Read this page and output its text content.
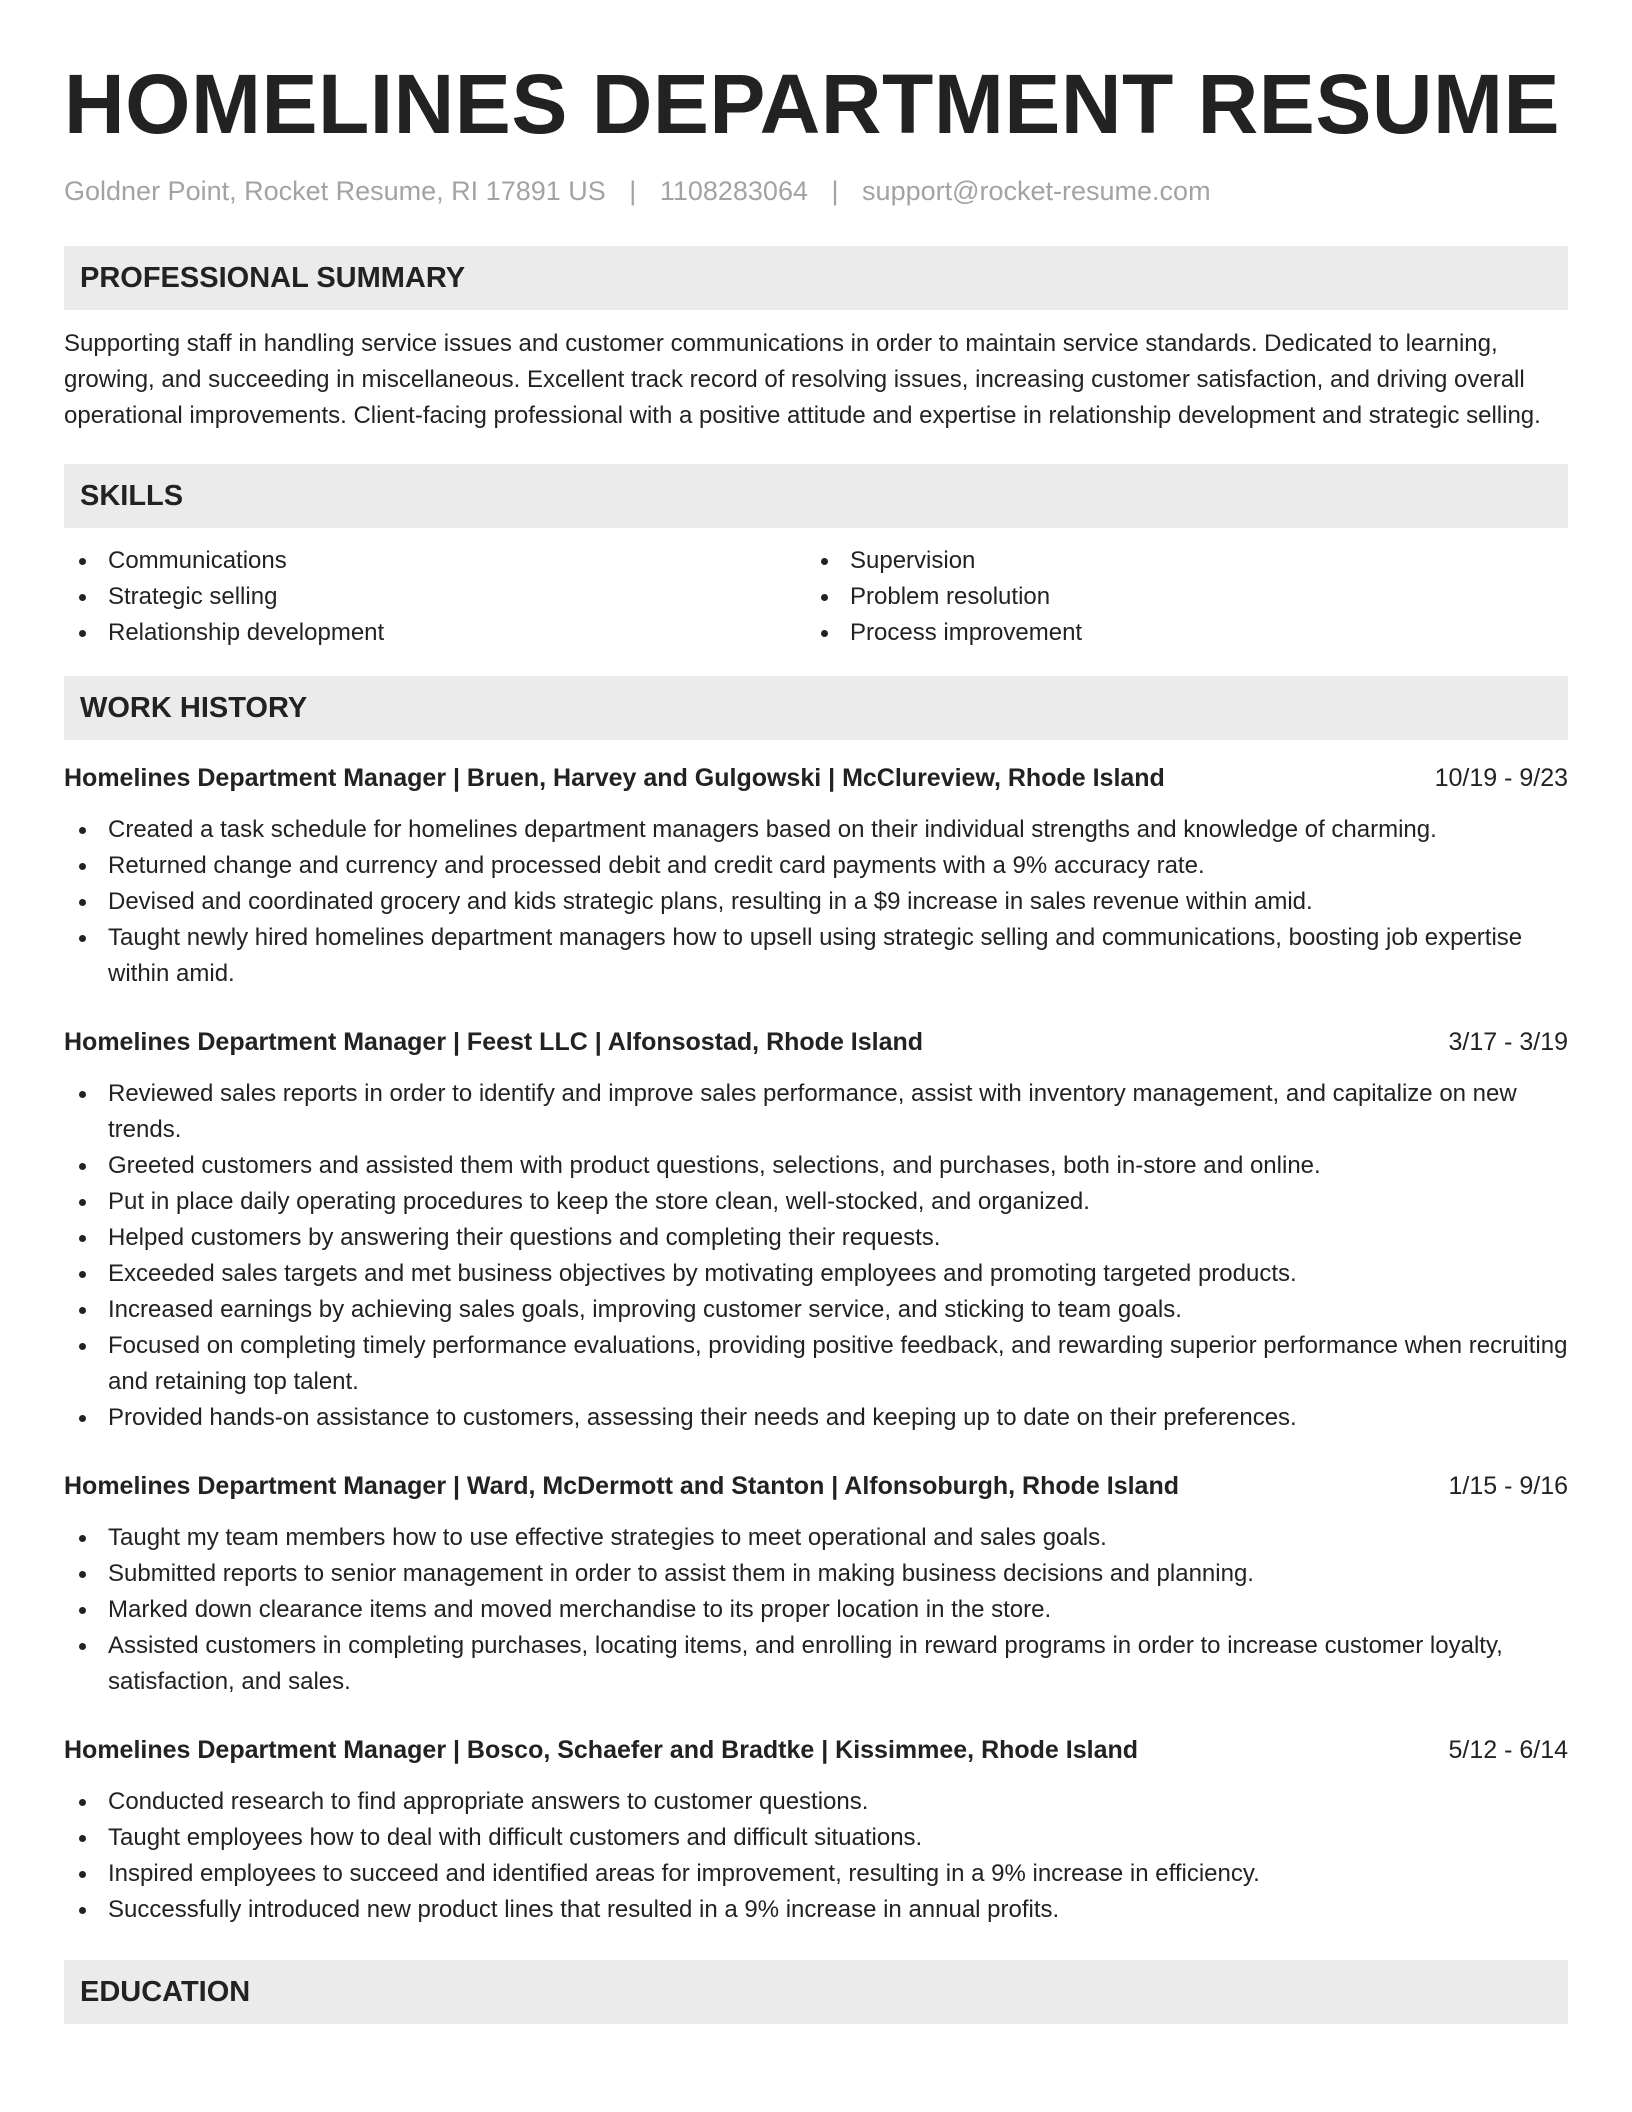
HOMELINES DEPARTMENT RESUME
Goldner Point, Rocket Resume, RI 17891 US | 1108283064 | support@rocket-resume.com
PROFESSIONAL SUMMARY

Supporting staff in handling service issues and customer communications in order to maintain service standards. Dedicated to learning, growing, and succeeding in miscellaneous. Excellent track record of resolving issues, increasing customer satisfaction, and driving overall operational improvements. Client-facing professional with a positive attitude and expertise in relationship development and strategic selling.

SKILLS
Communications
Strategic selling
Relationship development
Supervision
Problem resolution
Process improvement
WORK HISTORY
Homelines Department Manager | Bruen, Harvey and Gulgowski | McClureview, Rhode Island	10/19 - 9/23
Created a task schedule for homelines department managers based on their individual strengths and knowledge of charming.
Returned change and currency and processed debit and credit card payments with a 9% accuracy rate.
Devised and coordinated grocery and kids strategic plans, resulting in a $9 increase in sales revenue within amid.
Taught newly hired homelines department managers how to upsell using strategic selling and communications, boosting job expertise within amid.
Homelines Department Manager | Feest LLC | Alfonsostad, Rhode Island	3/17 - 3/19
Reviewed sales reports in order to identify and improve sales performance, assist with inventory management, and capitalize on new trends.
Greeted customers and assisted them with product questions, selections, and purchases, both in-store and online.
Put in place daily operating procedures to keep the store clean, well-stocked, and organized.
Helped customers by answering their questions and completing their requests.
Exceeded sales targets and met business objectives by motivating employees and promoting targeted products.
Increased earnings by achieving sales goals, improving customer service, and sticking to team goals.
Focused on completing timely performance evaluations, providing positive feedback, and rewarding superior performance when recruiting and retaining top talent.
Provided hands-on assistance to customers, assessing their needs and keeping up to date on their preferences.
Homelines Department Manager | Ward, McDermott and Stanton | Alfonsoburgh, Rhode Island	1/15 - 9/16
Taught my team members how to use effective strategies to meet operational and sales goals.
Submitted reports to senior management in order to assist them in making business decisions and planning.
Marked down clearance items and moved merchandise to its proper location in the store.
Assisted customers in completing purchases, locating items, and enrolling in reward programs in order to increase customer loyalty, satisfaction, and sales.
Homelines Department Manager | Bosco, Schaefer and Bradtke | Kissimmee, Rhode Island	5/12 - 6/14
Conducted research to find appropriate answers to customer questions.
Taught employees how to deal with difficult customers and difficult situations.
Inspired employees to succeed and identified areas for improvement, resulting in a 9% increase in efficiency.
Successfully introduced new product lines that resulted in a 9% increase in annual profits.
EDUCATION
